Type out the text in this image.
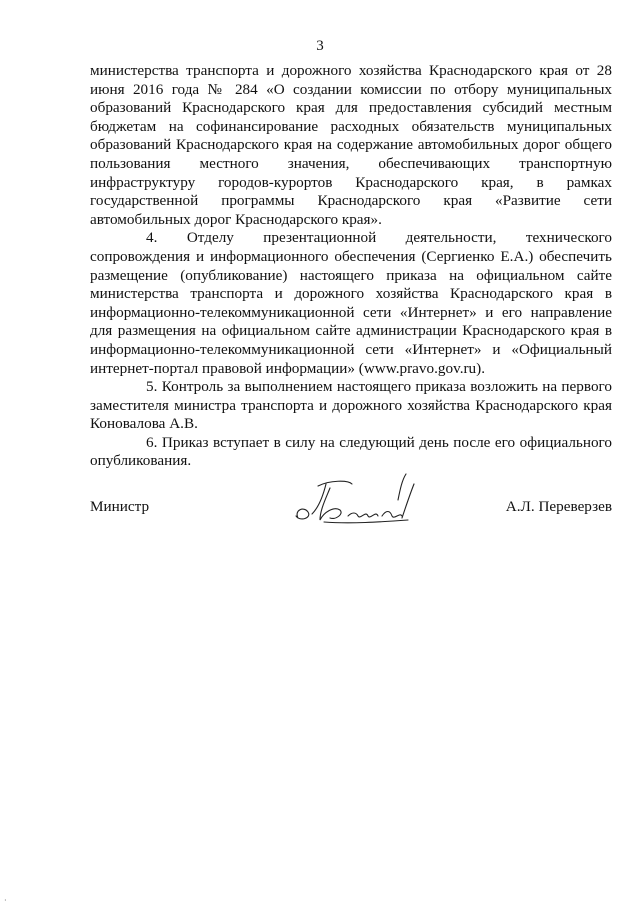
3

министерства транспорта и дорожного хозяйства Краснодарского края от 28 июня 2016 года № 284 «О создании комиссии по отбору муниципальных образований Краснодарского края для предоставления субсидий местным бюджетам на софинансирование расходных обязательств муниципальных образований Краснодарского края на содержание автомобильных дорог общего пользования местного значения, обеспечивающих транспортную инфраструктуру городов-курортов Краснодарского края, в рамках государственной программы Краснодарского края «Развитие сети автомобильных дорог Краснодарского края».

4. Отделу презентационной деятельности, технического сопровождения и информационного обеспечения (Сергиенко Е.А.) обеспечить размещение (опубликование) настоящего приказа на официальном сайте министерства транспорта и дорожного хозяйства Краснодарского края в информационно-телекоммуникационной сети «Интернет» и его направление для размещения на официальном сайте администрации Краснодарского края в информационно-телекоммуникационной сети «Интернет» и «Официальный интернет-портал правовой информации» (www.pravo.gov.ru).

5. Контроль за выполнением настоящего приказа возложить на первого заместителя министра транспорта и дорожного хозяйства Краснодарского края Коновалова А.В.

6. Приказ вступает в силу на следующий день после его официального опубликования.

Министр	А.Л. Переверзев
·
